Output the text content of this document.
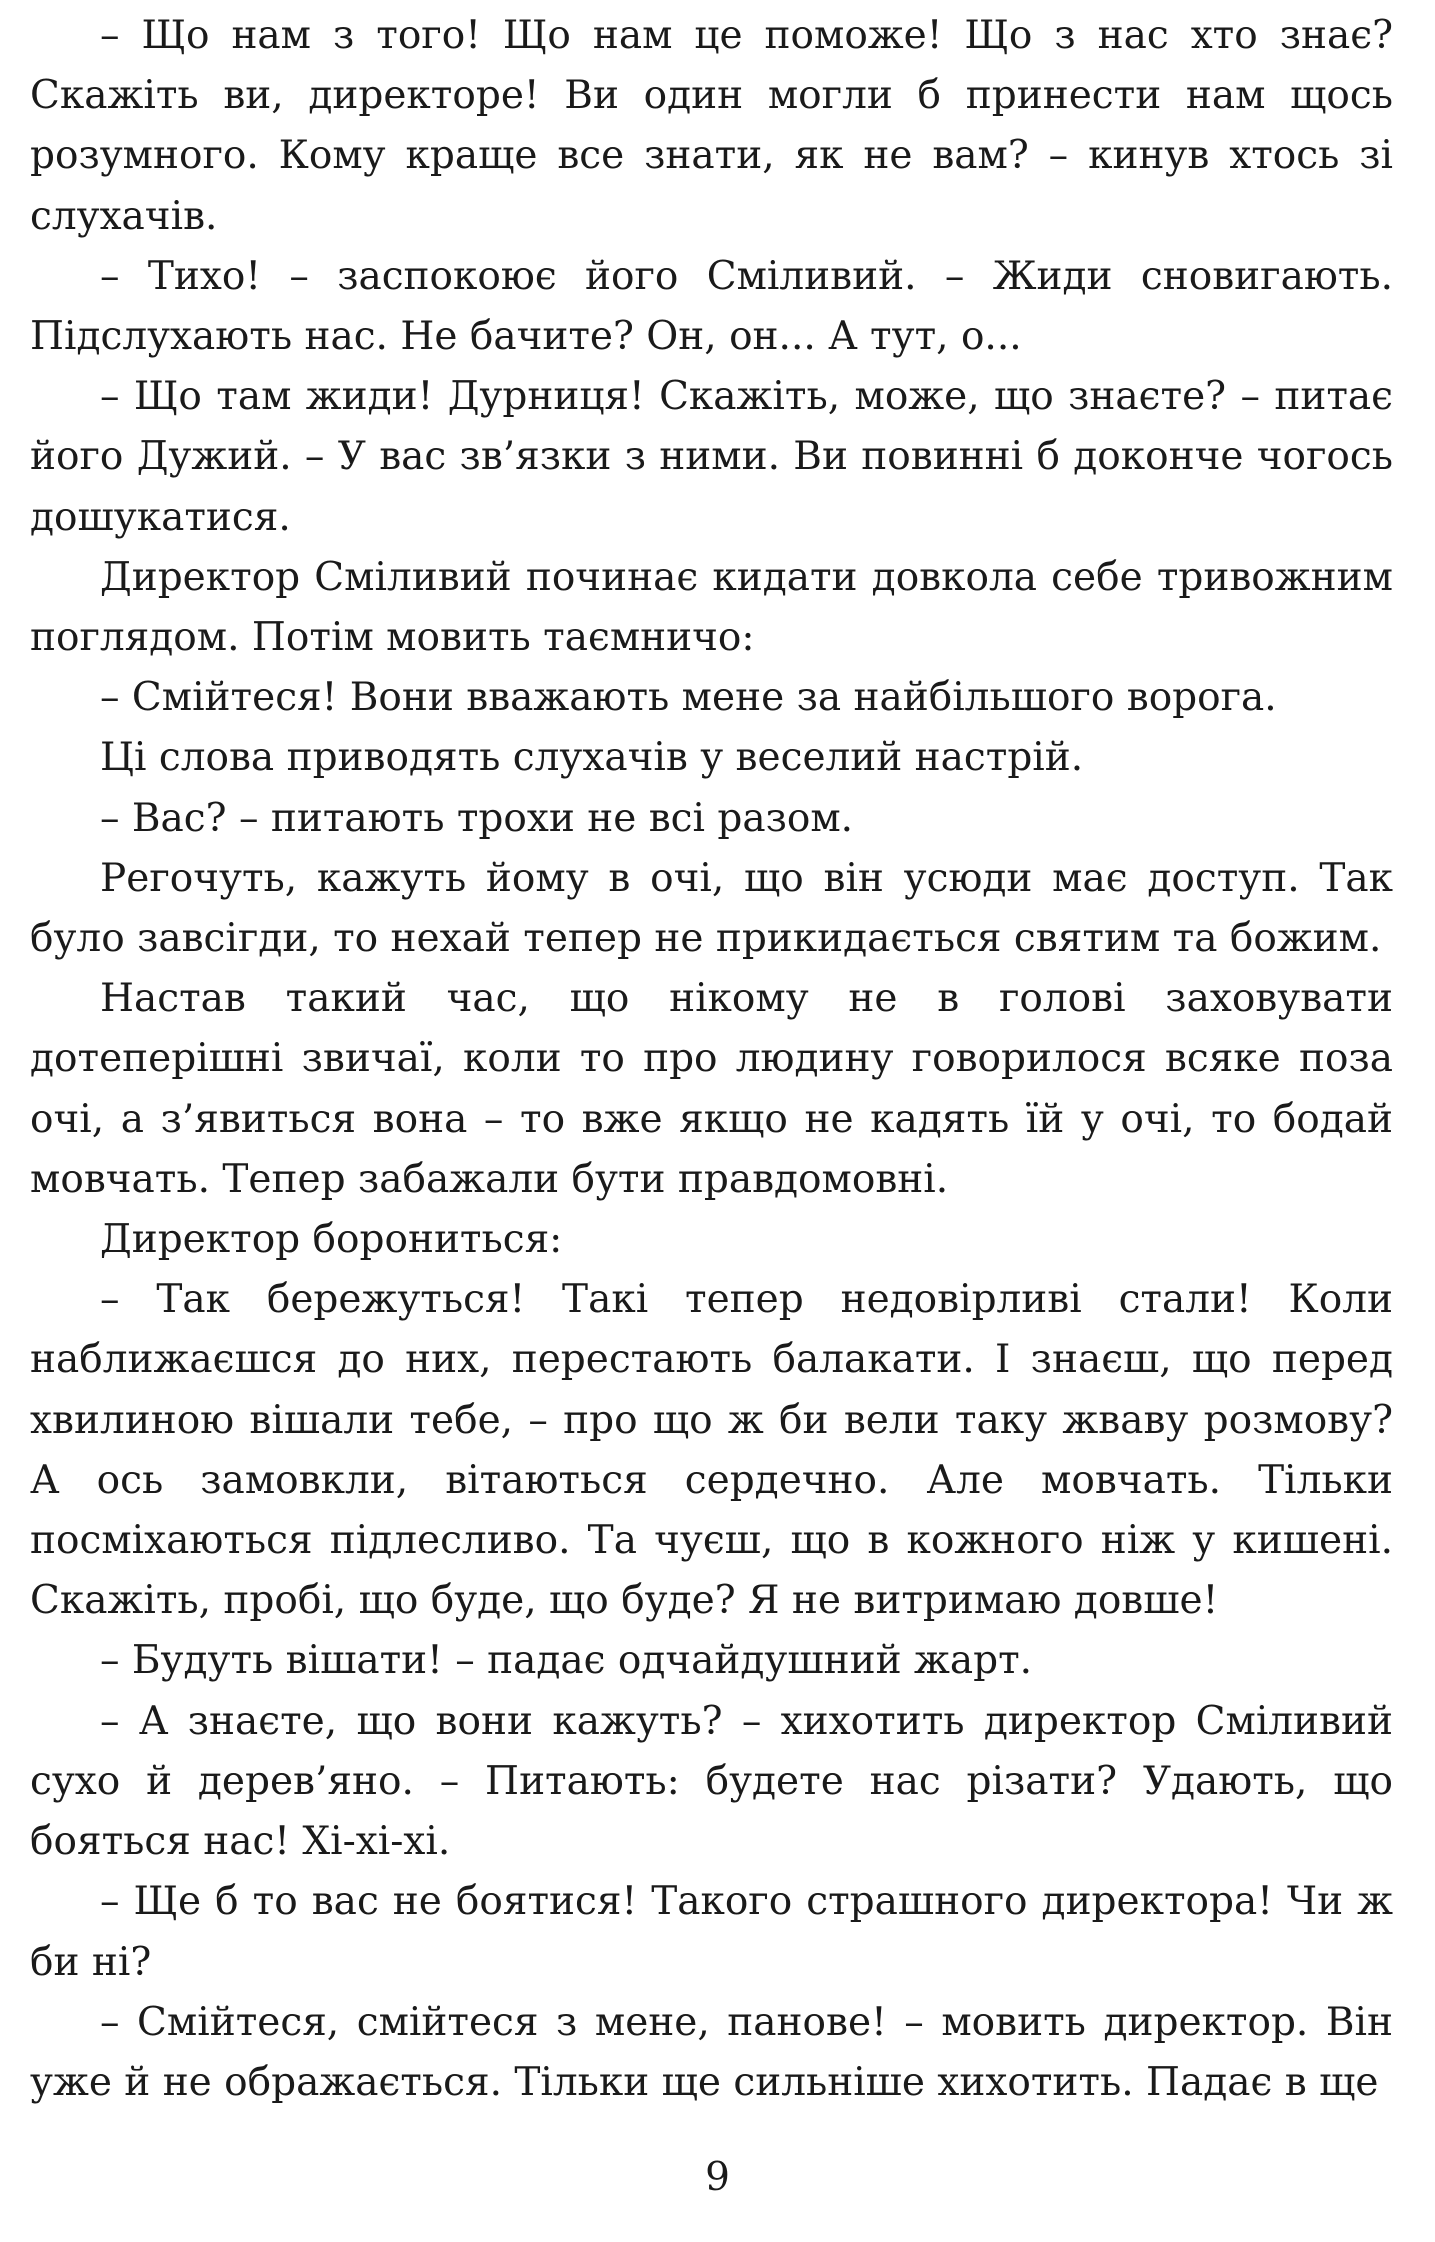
– Що нам з того! Що нам це поможе! Що з нас хто знає? Скажіть ви, директоре! Ви один могли б принести нам щось розумного. Кому краще все знати, як не вам? – кинув хтось зі слухачів.

– Тихо! – заспокоює його Сміливий. – Жиди сновигають. Підслухають нас. Не бачите? Он, он... А тут, о...

– Що там жиди! Дурниця! Скажіть, може, що знаєте? – питає його Дужий. – У вас зв’язки з ними. Ви повинні б доконче чогось дошукатися.

Директор Сміливий починає кидати довкола себе тривожним поглядом. Потім мовить таємничо:

– Смійтеся! Вони вважають мене за найбільшого ворога.

Ці слова приводять слухачів у веселий настрій.

– Вас? – питають трохи не всі разом.

Регочуть, кажуть йому в очі, що він усюди має доступ. Так було завсігди, то нехай тепер не прикидається святим та божим.

Настав такий час, що нікому не в голові заховувати дотеперішні звичаї, коли то про людину говорилося всяке поза очі, а з’явиться вона – то вже якщо не кадять їй у очі, то бодай мовчать. Тепер забажали бути правдомовні.

Директор борониться:

– Так бережуться! Такі тепер недовірливі стали! Коли наближаєшся до них, перестають балакати. І знаєш, що перед хвилиною вішали тебе, – про що ж би вели таку жваву розмову? А ось замовкли, вітаються сердечно. Але мовчать. Тільки посміхаються підлесливо. Та чуєш, що в кожного ніж у кишені. Скажіть, пробі, що буде, що буде? Я не витримаю довше!

– Будуть вішати! – падає одчайдушний жарт.

– А знаєте, що вони кажуть? – хихотить директор Сміливий сухо й дерев’яно. – Питають: будете нас різати? Удають, що бояться нас! Хі-хі-хі.

– Ще б то вас не боятися! Такого страшного директора! Чи ж би ні?

– Смійтеся, смійтеся з мене, панове! – мовить директор. Він уже й не ображається. Тільки ще сильніше хихотить. Падає в ще

9
